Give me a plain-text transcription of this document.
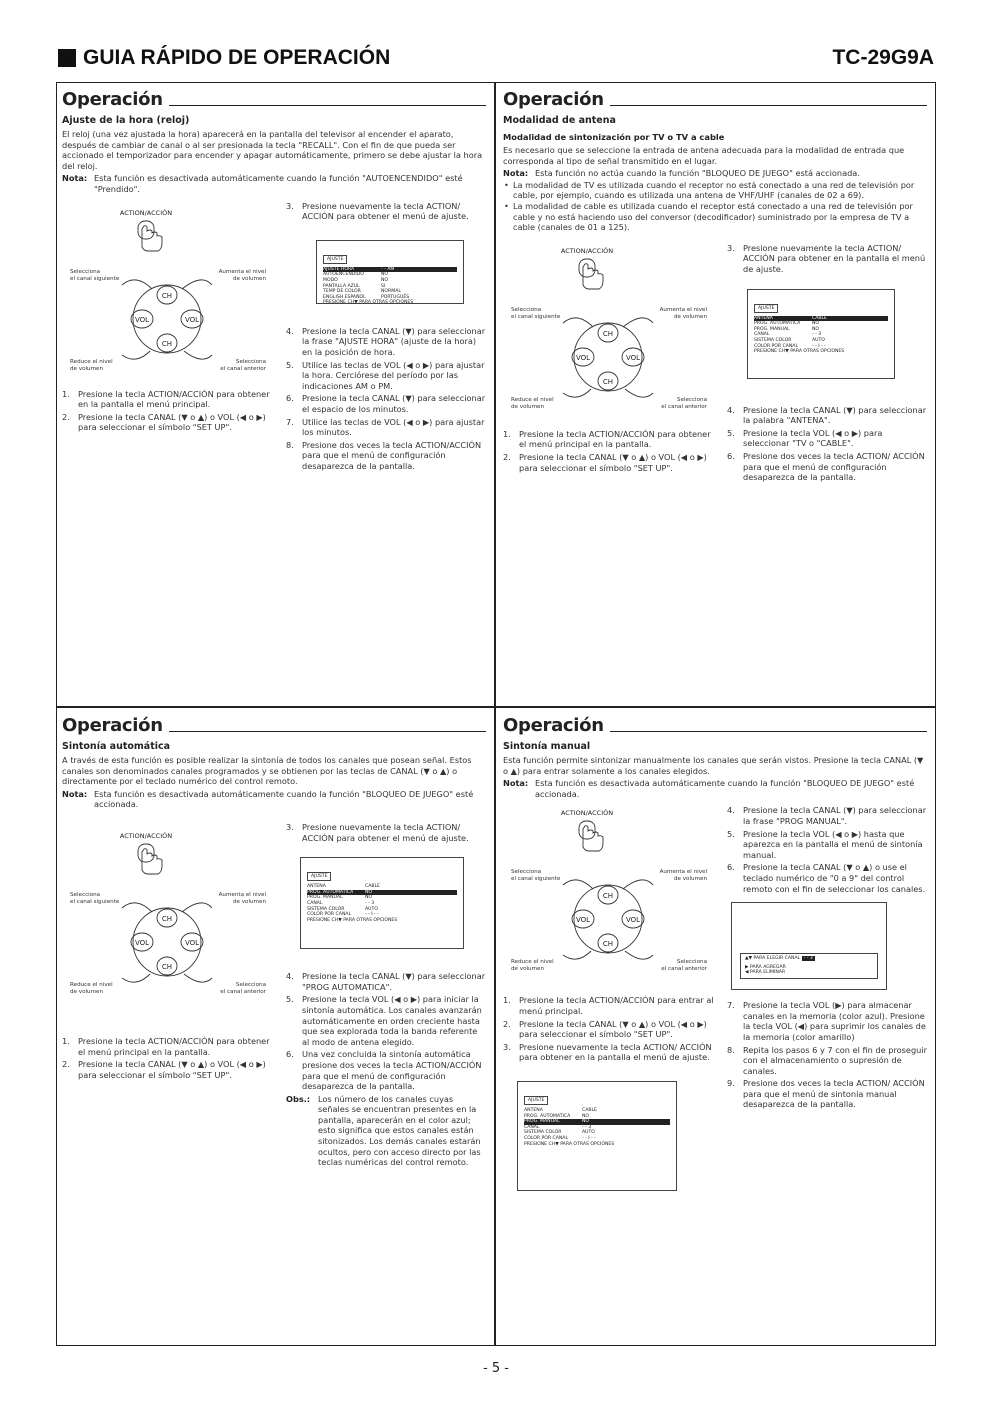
GUIA RÁPIDO DE OPERACIÓN	TC-29G9A
Operación
Ajuste de la hora (reloj)

El reloj (una vez ajustada la hora) aparecerá en la pantalla del televisor al encender el aparato, después de cambiar de canal o al ser presionada la tecla "RECALL". Con el fin de que pueda ser accionado el temporizador para encender y apagar automáticamente, primero se debe ajustar la hora del reloj.

Nota: Esta función es desactivada automáticamente cuando la función "AUTOENCENDIDO" esté "Prendido".
ACTION/ACCIÓN
CH
CH
VOL	VOL
Selecciona
el canal siguiente
Aumenta el nivel
de volumen
Reduce el nivel
de volumen
Selecciona
el canal anterior
1. Presione la tecla ACTION/ACCIÓN para obtener en la pantalla el menú principal.
2. Presione la tecla CANAL (▼ o ▲) o VOL (◀ o ▶) para seleccionar el símbolo "SET UP".
3. Presione nuevamente la tecla ACTION/ ACCIÓN para obtener el menú de ajuste.
AJUSTE
AJUSTE HORA	- - AM
AUTOENCENDIDO	NO
MODO	NO
PANTALLA AZUL	SI
TEMP DE COLOR	NORMAL
ENGLISH ESPAÑOL	PORTUGUÉS
PRESIONE CH▼ PARA OTRAS OPCIONES
4. Presione la tecla CANAL (▼) para seleccionar la frase "AJUSTE HORA" (ajuste de la hora) en la posición de hora.
5. Utilice las teclas de VOL (◀ o ▶) para ajustar la hora. Cerciórese del período por las indicaciones AM o PM.
6. Presione la tecla CANAL (▼) para seleccionar el espacio de los minutos.
7. Utilice las teclas de VOL (◀ o ▶) para ajustar los minutos.
8. Presione dos veces la tecla ACTION/ACCIÓN para que el menú de configuración desaparezca de la pantalla.
Operación
Modalidad de antena
Modalidad de sintonización por TV o TV a cable

Es necesario que se seleccione la entrada de antena adecuada para la modalidad de entrada que corresponda al tipo de señal transmitido en el lugar.

Nota: Esta función no actúa cuando la función "BLOQUEO DE JUEGO" está accionada.
• La modalidad de TV es utilizada cuando el receptor no está conectado a una red de televisión por cable, por ejemplo, cuando es utilizada una antena de VHF/UHF (canales de 02 a 69).
• La modalidad de cable es utilizada cuando el receptor está conectado a una red de televisión por cable y no está haciendo uso del conversor (decodificador) suministrado por la empresa de TV a cable (canales de 01 a 125).
ACTION/ACCIÓN
CH
CH
VOL	VOL
Selecciona
el canal siguiente
Aumenta el nivel
de volumen
Reduce el nivel
de volumen
Selecciona
el canal anterior
1. Presione la tecla ACTION/ACCIÓN para obtener el menú principal en la pantalla.
2. Presione la tecla CANAL (▼ o ▲) o VOL (◀ o ▶) para seleccionar el símbolo "SET UP".
3. Presione nuevamente la tecla ACTION/ ACCIÓN para obtener en la pantalla el menú de ajuste.
AJUSTE
ANTENA	CABLE
PROG. AUTOMATICA	NO
PROG. MANUAL	NO
CANAL	- - 3
SISTEMA COLOR	AUTO
COLOR POR CANAL	- - I - -
PRESIONE CH▼ PARA OTRAS OPCIONES
4. Presione la tecla CANAL (▼) para seleccionar la palabra "ANTENA".
5. Presione la tecla VOL (◀ o ▶) para seleccionar "TV o "CABLE".
6. Presione dos veces la tecla ACTION/ ACCIÓN para que el menú de configuración desaparezca de la pantalla.
Operación
Sintonía automática

A través de esta función es posible realizar la sintonía de todos los canales que posean señal. Estos canales son denominados canales programados y se obtienen por las teclas de CANAL (▼ o ▲) o directamente por el teclado numérico del control remoto.

Nota: Esta función es desactivada automáticamente cuando la función "BLOQUEO DE JUEGO" esté accionada.
ACTION/ACCIÓN
CH
CH
VOL	VOL
Selecciona
el canal siguiente
Aumenta el nivel
de volumen
Reduce el nivel
de volumen
Selecciona
el canal anterior
1. Presione la tecla ACTION/ACCIÓN para obtener el menú principal en la pantalla.
2. Presione la tecla CANAL (▼ o ▲) o VOL (◀ o ▶) para seleccionar el símbolo "SET UP".
3. Presione nuevamente la tecla ACTION/ ACCIÓN para obtener el menú de ajuste.
AJUSTE
ANTENA	CABLE
PROG. AUTOMATICA	NO
PROG. MANUAL	NO
CANAL	- - 3
SISTEMA COLOR	AUTO
COLOR POR CANAL	- - I - -
PRESIONE CH▼ PARA OTRAS OPCIONES
4. Presione la tecla CANAL (▼) para seleccionar "PROG AUTOMATICA".
5. Presione la tecla VOL (◀ o ▶) para iniciar la sintonía automática. Los canales avanzarán automáticamente en orden creciente hasta que sea explorada toda la banda referente al modo de antena elegido.
6. Una vez concluida la sintonía automática presione dos veces la tecla ACTION/ACCIÓN para que el menú de configuración desaparezca de la pantalla.
Obs.: Los número de los canales cuyas señales se encuentran presentes en la pantalla, aparecerán en el color azul; esto significa que estos canales están sitonizados. Los demás canales estarán ocultos, pero con acceso directo por las teclas numéricas del control remoto.
Operación
Sintonía manual

Esta función permite sintonizar manualmente los canales que serán vistos. Presione la tecla CANAL (▼ o ▲) para entrar solamente a los canales elegidos.

Nota: Esta función es desactivada automáticamente cuando la función "BLOQUEO DE JUEGO" esté accionada.
ACTION/ACCIÓN
CH
CH
VOL	VOL
Selecciona
el canal siguiente
Aumenta el nivel
de volumen
Reduce el nivel
de volumen
Selecciona
el canal anterior
1. Presione la tecla ACTION/ACCIÓN para entrar al menú principal.
2. Presione la tecla CANAL (▼ o ▲) o VOL (◀ o ▶) para seleccionar el símbolo "SET UP".
3. Presione nuevamente la tecla ACTION/ ACCIÓN para obtener en la pantalla el menú de ajuste.
AJUSTE
ANTENA	CABLE
PROG. AUTOMATICA	NO
PROG. MANUAL	NO
CANAL	- - 3
SISTEMA COLOR	AUTO
COLOR POR CANAL	- - I - -
PRESIONE CH▼ PARA OTRAS OPCIONES
4. Presione la tecla CANAL (▼) para seleccionar la frase "PROG MANUAL".
5. Presione la tecla VOL (◀ o ▶) hasta que aparezca en la pantalla el menú de sintonía manual.
6. Presione la tecla CANAL (▼ o ▲) o use el teclado numérico de "0 a 9" del control remoto con el fin de seleccionar los canales.
▲▼ PARA ELEGIR CANAL - - 3
▶ PARA AGREGAR
◀ PARA ELIMINAR
7. Presione la tecla VOL (▶) para almacenar canales en la memoria (color azul). Presione la tecla VOL (◀) para suprimir los canales de la memoria (color amarillo)
8. Repita los pasos 6 y 7 con el fin de proseguir con el almacenamiento o supresión de canales.
9. Presione dos veces la tecla ACTION/ ACCIÓN para que el menú de sintonía manual desaparezca de la pantalla.
- 5 -
